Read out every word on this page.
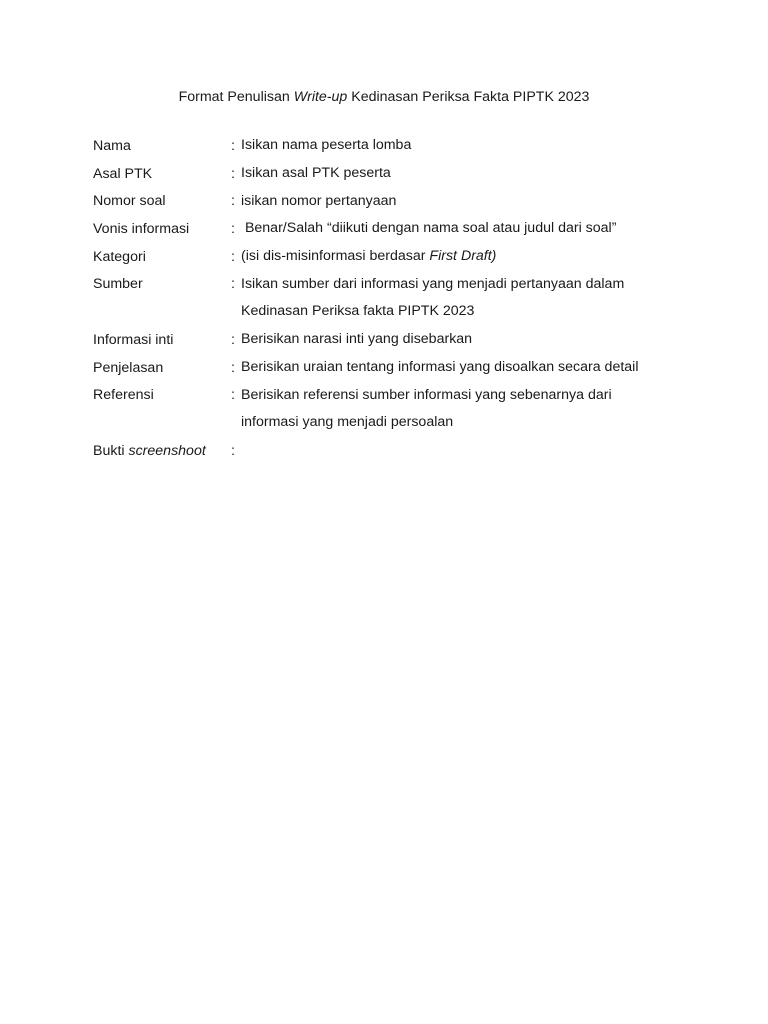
Format Penulisan Write-up Kedinasan Periksa Fakta PIPTK 2023
Nama	: Isikan nama peserta lomba
Asal PTK	: Isikan asal PTK peserta
Nomor soal	: isikan nomor pertanyaan
Vonis informasi	: Benar/Salah “diikuti dengan nama soal atau judul dari soal”
Kategori	: (isi dis-misinformasi berdasar First Draft)
Sumber	: Isikan sumber dari informasi yang menjadi pertanyaan dalam
Kedinasan Periksa fakta PIPTK 2023
Informasi inti	: Berisikan narasi inti yang disebarkan
Penjelasan	: Berisikan uraian tentang informasi yang disoalkan secara detail
Referensi	: Berisikan referensi sumber informasi yang sebenarnya dari
informasi yang menjadi persoalan
Bukti screenshoot	:
